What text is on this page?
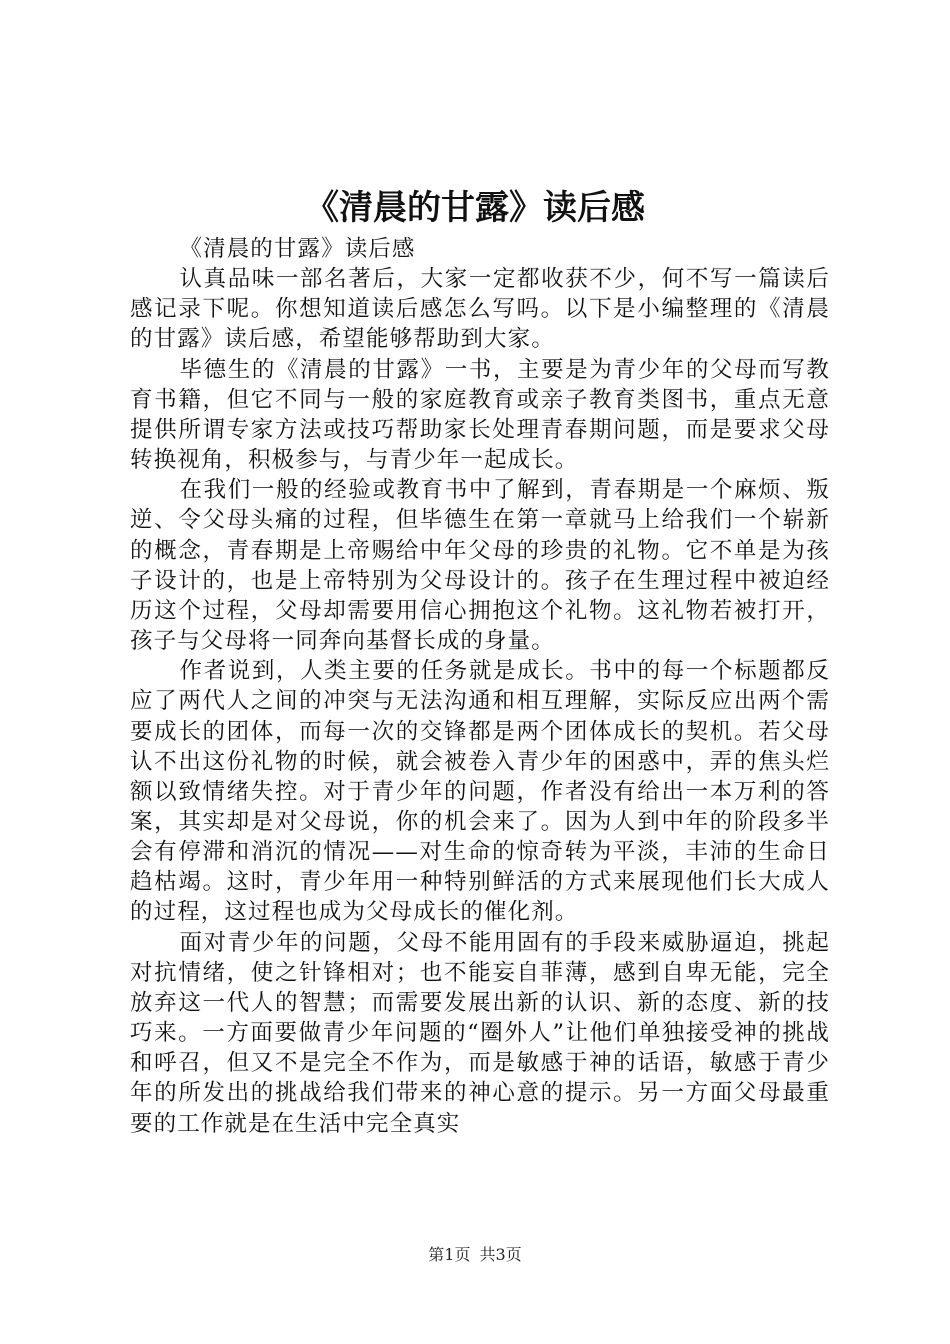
《清晨的甘露》读后感

《清晨的甘露》读后感

认真品味一部名著后，大家一定都收获不少，何不写一篇读后感记录下呢。你想知道读后感怎么写吗。以下是小编整理的《清晨的甘露》读后感，希望能够帮助到大家。

毕德生的《清晨的甘露》一书，主要是为青少年的父母而写教育书籍，但它不同与一般的家庭教育或亲子教育类图书，重点无意提供所谓专家方法或技巧帮助家长处理青春期问题，而是要求父母转换视角，积极参与，与青少年一起成长。

在我们一般的经验或教育书中了解到，青春期是一个麻烦、叛逆、令父母头痛的过程，但毕德生在第一章就马上给我们一个崭新的概念，青春期是上帝赐给中年父母的珍贵的礼物。它不单是为孩子设计的，也是上帝特别为父母设计的。孩子在生理过程中被迫经历这个过程，父母却需要用信心拥抱这个礼物。这礼物若被打开，孩子与父母将一同奔向基督长成的身量。

作者说到，人类主要的任务就是成长。书中的每一个标题都反应了两代人之间的冲突与无法沟通和相互理解，实际反应出两个需要成长的团体，而每一次的交锋都是两个团体成长的契机。若父母认不出这份礼物的时候，就会被卷入青少年的困惑中，弄的焦头烂额以致情绪失控。对于青少年的问题，作者没有给出一本万利的答案，其实却是对父母说，你的机会来了。因为人到中年的阶段多半会有停滞和消沉的情况——对生命的惊奇转为平淡，丰沛的生命日趋枯竭。这时，青少年用一种特别鲜活的方式来展现他们长大成人的过程，这过程也成为父母成长的催化剂。

面对青少年的问题，父母不能用固有的手段来威胁逼迫，挑起对抗情绪，使之针锋相对；也不能妄自菲薄，感到自卑无能，完全放弃这一代人的智慧；而需要发展出新的认识、新的态度、新的技巧来。一方面要做青少年问题的“圈外人”让他们单独接受神的挑战和呼召，但又不是完全不作为，而是敏感于神的话语，敏感于青少年的所发出的挑战给我们带来的神心意的提示。另一方面父母最重要的工作就是在生活中完全真实

第1页 共3页
